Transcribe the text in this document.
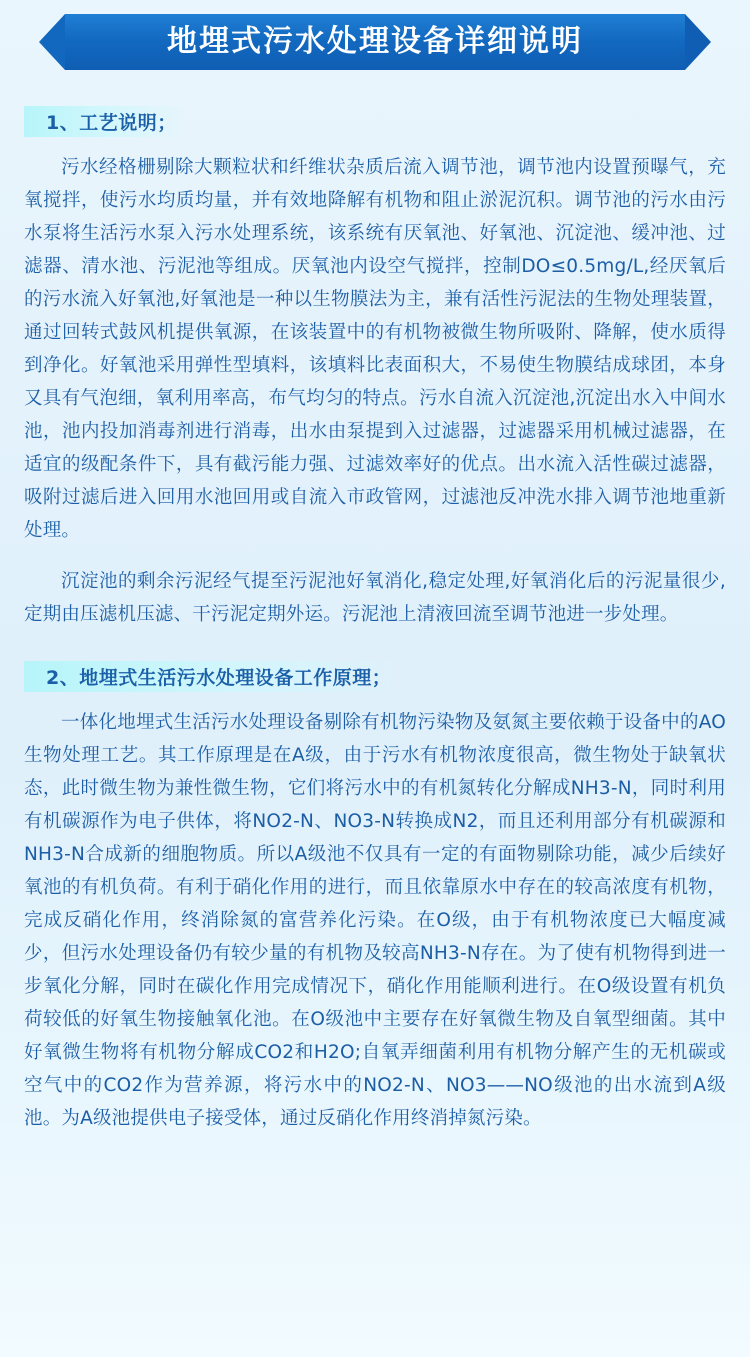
地埋式污水处理设备详细说明
1、工艺说明；

污水经格栅剔除大颗粒状和纤维状杂质后流入调节池，调节池内设置预曝气，充氧搅拌，使污水均质均量，并有效地降解有机物和阻止淤泥沉积。调节池的污水由污水泵将生活污水泵入污水处理系统，该系统有厌氧池、好氧池、沉淀池、缓冲池、过滤器、清水池、污泥池等组成。厌氧池内设空气搅拌，控制DO≤0.5mg/L,经厌氧后的污水流入好氧池,好氧池是一种以生物膜法为主，兼有活性污泥法的生物处理装置，通过回转式鼓风机提供氧源，在该装置中的有机物被微生物所吸附、降解，使水质得到净化。好氧池采用弹性型填料，该填料比表面积大，不易使生物膜结成球团，本身又具有气泡细，氧利用率高，布气均匀的特点。污水自流入沉淀池,沉淀出水入中间水池，池内投加消毒剂进行消毒，出水由泵提到入过滤器，过滤器采用机械过滤器，在适宜的级配条件下，具有截污能力强、过滤效率好的优点。出水流入活性碳过滤器，吸附过滤后进入回用水池回用或自流入市政管网，过滤池反冲洗水排入调节池地重新处理。

沉淀池的剩余污泥经气提至污泥池好氧消化,稳定处理,好氧消化后的污泥量很少,定期由压滤机压滤、干污泥定期外运。污泥池上清液回流至调节池进一步处理。

2、地埋式生活污水处理设备工作原理；

一体化地埋式生活污水处理设备剔除有机物污染物及氨氮主要依赖于设备中的AO生物处理工艺。其工作原理是在A级，由于污水有机物浓度很高，微生物处于缺氧状态，此时微生物为兼性微生物，它们将污水中的有机氮转化分解成NH3-N，同时利用有机碳源作为电子供体，将NO2-N、NO3-N转换成N2，而且还利用部分有机碳源和NH3-N合成新的细胞物质。所以A级池不仅具有一定的有面物剔除功能，减少后续好氧池的有机负荷。有利于硝化作用的进行，而且依靠原水中存在的较高浓度有机物，完成反硝化作用，终消除氮的富营养化污染。在O级，由于有机物浓度已大幅度减少，但污水处理设备仍有较少量的有机物及较高NH3-N存在。为了使有机物得到进一步氧化分解，同时在碳化作用完成情况下，硝化作用能顺利进行。在O级设置有机负荷较低的好氧生物接触氧化池。在O级池中主要存在好氧微生物及自氧型细菌。其中好氧微生物将有机物分解成CO2和H2O;自氧弄细菌利用有机物分解产生的无机碳或空气中的CO2作为营养源，将污水中的NO2-N、NO3——NO级池的出水流到A级池。为A级池提供电子接受体，通过反硝化作用终消掉氮污染。
